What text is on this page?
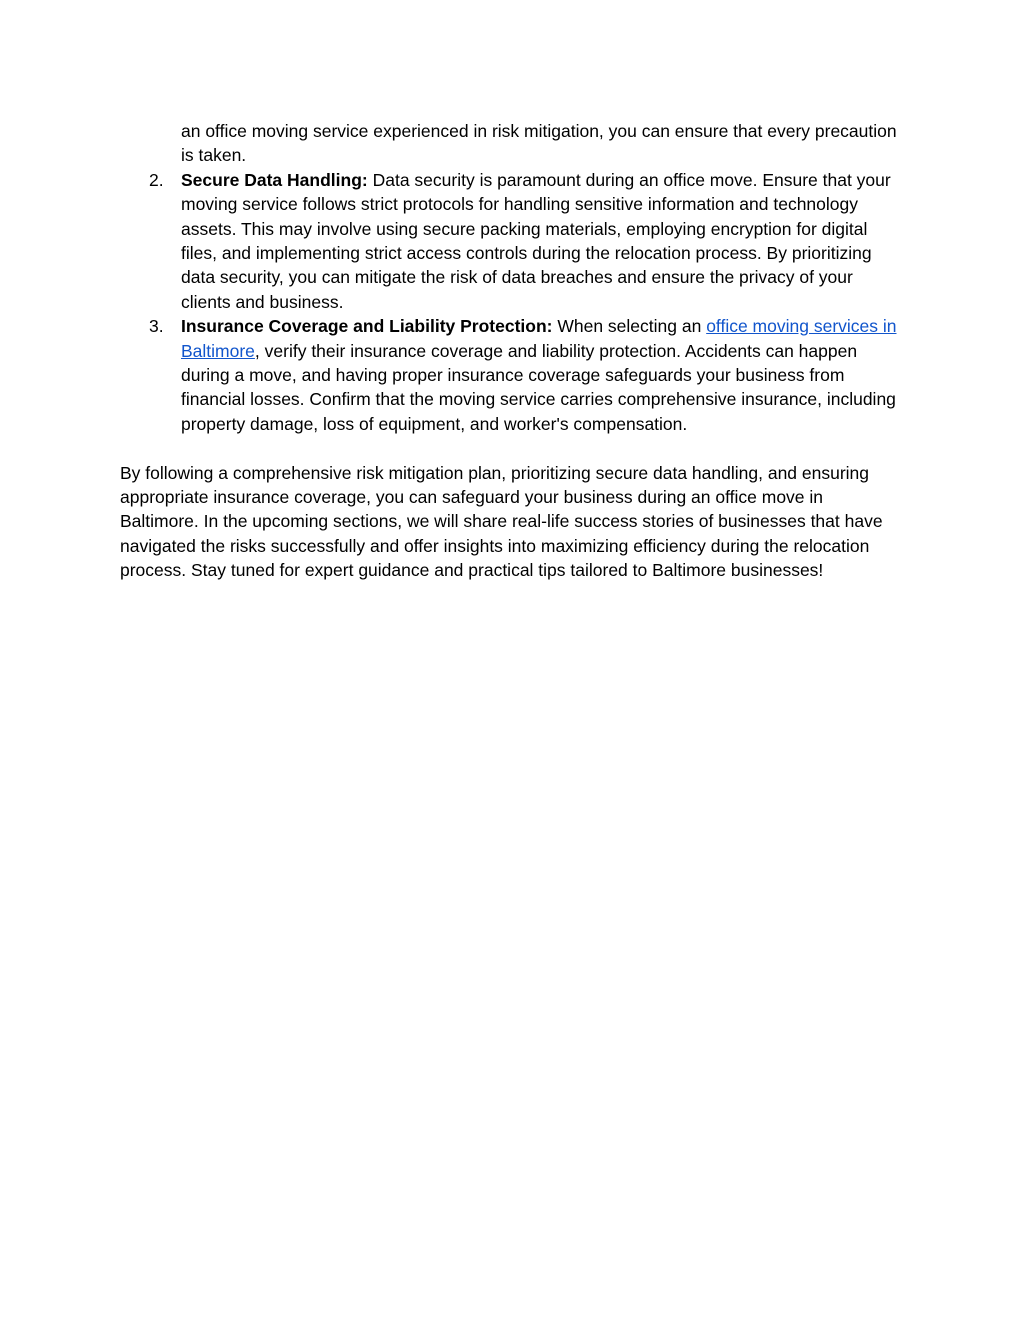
an office moving service experienced in risk mitigation, you can ensure that every precaution is taken.
2. Secure Data Handling: Data security is paramount during an office move. Ensure that your moving service follows strict protocols for handling sensitive information and technology assets. This may involve using secure packing materials, employing encryption for digital files, and implementing strict access controls during the relocation process. By prioritizing data security, you can mitigate the risk of data breaches and ensure the privacy of your clients and business.
3. Insurance Coverage and Liability Protection: When selecting an office moving services in Baltimore, verify their insurance coverage and liability protection. Accidents can happen during a move, and having proper insurance coverage safeguards your business from financial losses. Confirm that the moving service carries comprehensive insurance, including property damage, loss of equipment, and worker's compensation.

By following a comprehensive risk mitigation plan, prioritizing secure data handling, and ensuring appropriate insurance coverage, you can safeguard your business during an office move in Baltimore. In the upcoming sections, we will share real-life success stories of businesses that have navigated the risks successfully and offer insights into maximizing efficiency during the relocation process. Stay tuned for expert guidance and practical tips tailored to Baltimore businesses!
